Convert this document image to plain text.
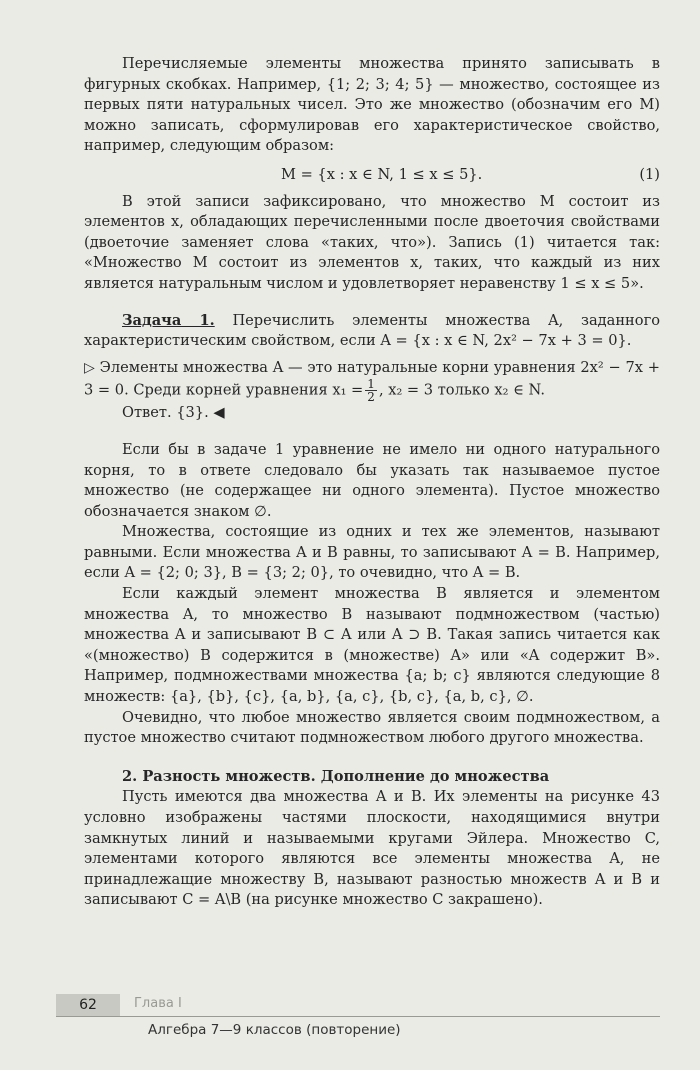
Перечисляемые элементы множества принято записывать в фигурных скобках. Например, {1; 2; 3; 4; 5} — множество, состоящее из первых пяти натуральных чисел. Это же множество (обозначим его M) можно записать, сформулировав его характеристическое свойство, например, следующим образом:

M = {x : x ∈ N, 1 ≤ x ≤ 5}.	(1)

В этой записи зафиксировано, что множество M состоит из элементов x, обладающих перечисленными после двоеточия свойствами (двоеточие заменяет слова «таких, что»). Запись (1) читается так: «Множество M состоит из элементов x, таких, что каждый из них является натуральным числом и удовлетворяет неравенству 1 ≤ x ≤ 5».

Задача 1. Перечислить элементы множества A, заданного характеристическим свойством, если A = {x : x ∈ N, 2x² − 7x + 3 = 0}.

▷ Элементы множества A — это натуральные корни уравнения 2x² − 7x + 3 = 0. Среди корней уравнения $x_1 = \frac{1}{2}$ , x₂ = 3 только x₂ ∈ N.

Ответ. {3}. ◀

Если бы в задаче 1 уравнение не имело ни одного натурального корня, то в ответе следовало бы указать так называемое пустое множество (не содержащее ни одного элемента). Пустое множество обозначается знаком ∅.

Множества, состоящие из одних и тех же элементов, называют равными. Если множества A и B равны, то записывают A = B. Например, если A = {2; 0; 3}, B = {3; 2; 0}, то очевидно, что A = B.

Если каждый элемент множества B является и элементом множества A, то множество B называют подмножеством (частью) множества A и записывают B ⊂ A или A ⊃ B. Такая запись читается как «(множество) B содержится в (множестве) A» или «A содержит B». Например, подмножествами множества {a; b; c} являются следующие 8 множеств: {a}, {b}, {c}, {a, b}, {a, c}, {b, c}, {a, b, c}, ∅.

Очевидно, что любое множество является своим подмножеством, а пустое множество считают подмножеством любого другого множества.

2. Разность множеств. Дополнение до множества

Пусть имеются два множества A и B. Их элементы на рисунке 43 условно изображены частями плоскости, находящимися внутри замкнутых линий и называемыми кругами Эйлера. Множество C, элементами которого являются все элементы множества A, не принадлежащие множеству B, называют разностью множеств A и B и записывают C = A\B (на рисунке множество C закрашено).

62	Глава I
Алгебра 7—9 классов (повторение)
